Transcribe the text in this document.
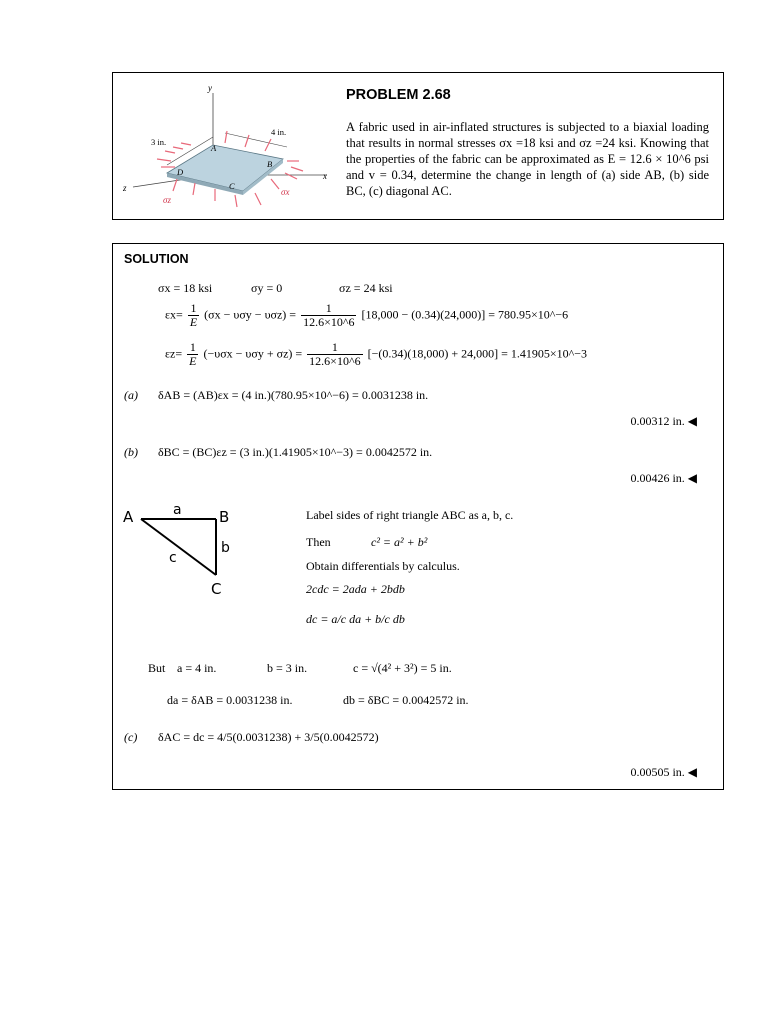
y
x
z
3 in.
4 in.
A
B
C
D
σz
σx
PROBLEM 2.68
A fabric used in air-inflated structures is subjected to a biaxial loading that results in normal stresses σx =18 ksi and σz =24 ksi. Knowing that the properties of the fabric can be approximated as E = 12.6 × 10^6 psi and v = 0.34, determine the change in length of (a) side AB, (b) side BC, (c) diagonal AC.
SOLUTION
σx = 18 ksi	σy = 0	σz = 24 ksi
$\varepsilon x= \frac{1}{E} (\sigma x - \upsilon\sigma y - \upsilon\sigma z) = \frac{1}{12.6\times 10\^{}6} [18,000 - (0.34)(24,000)]$ = 780.95×10^−6
$\varepsilon z= \frac{1}{E} (-\upsilon\sigma x - \upsilon\sigma y + \sigma z) = \frac{1}{12.6\times 10\^{}6} [-(0.34)(18,000) + 24,000]$ = 1.41905×10^−3
(a) δAB = (AB)εx = (4 in.)(780.95×10^−6) = 0.0031238 in.
0.00312 in. ◀
(b) δBC = (BC)εz = (3 in.)(1.41905×10^−3) = 0.0042572 in.
0.00426 in. ◀
A	B
C
a
b
c
Label sides of right triangle ABC as a, b, c.
Then	c² = a² + b²
Obtain differentials by calculus.
2cdc = 2ada + 2bdb
dc = a/c da + b/c db
But a = 4 in.	b = 3 in.	c = √(4² + 3²) = 5 in.
da = δAB = 0.0031238 in.	db = δBC = 0.0042572 in.
(c) δAC = dc = 4/5(0.0031238) + 3/5(0.0042572)
0.00505 in. ◀
